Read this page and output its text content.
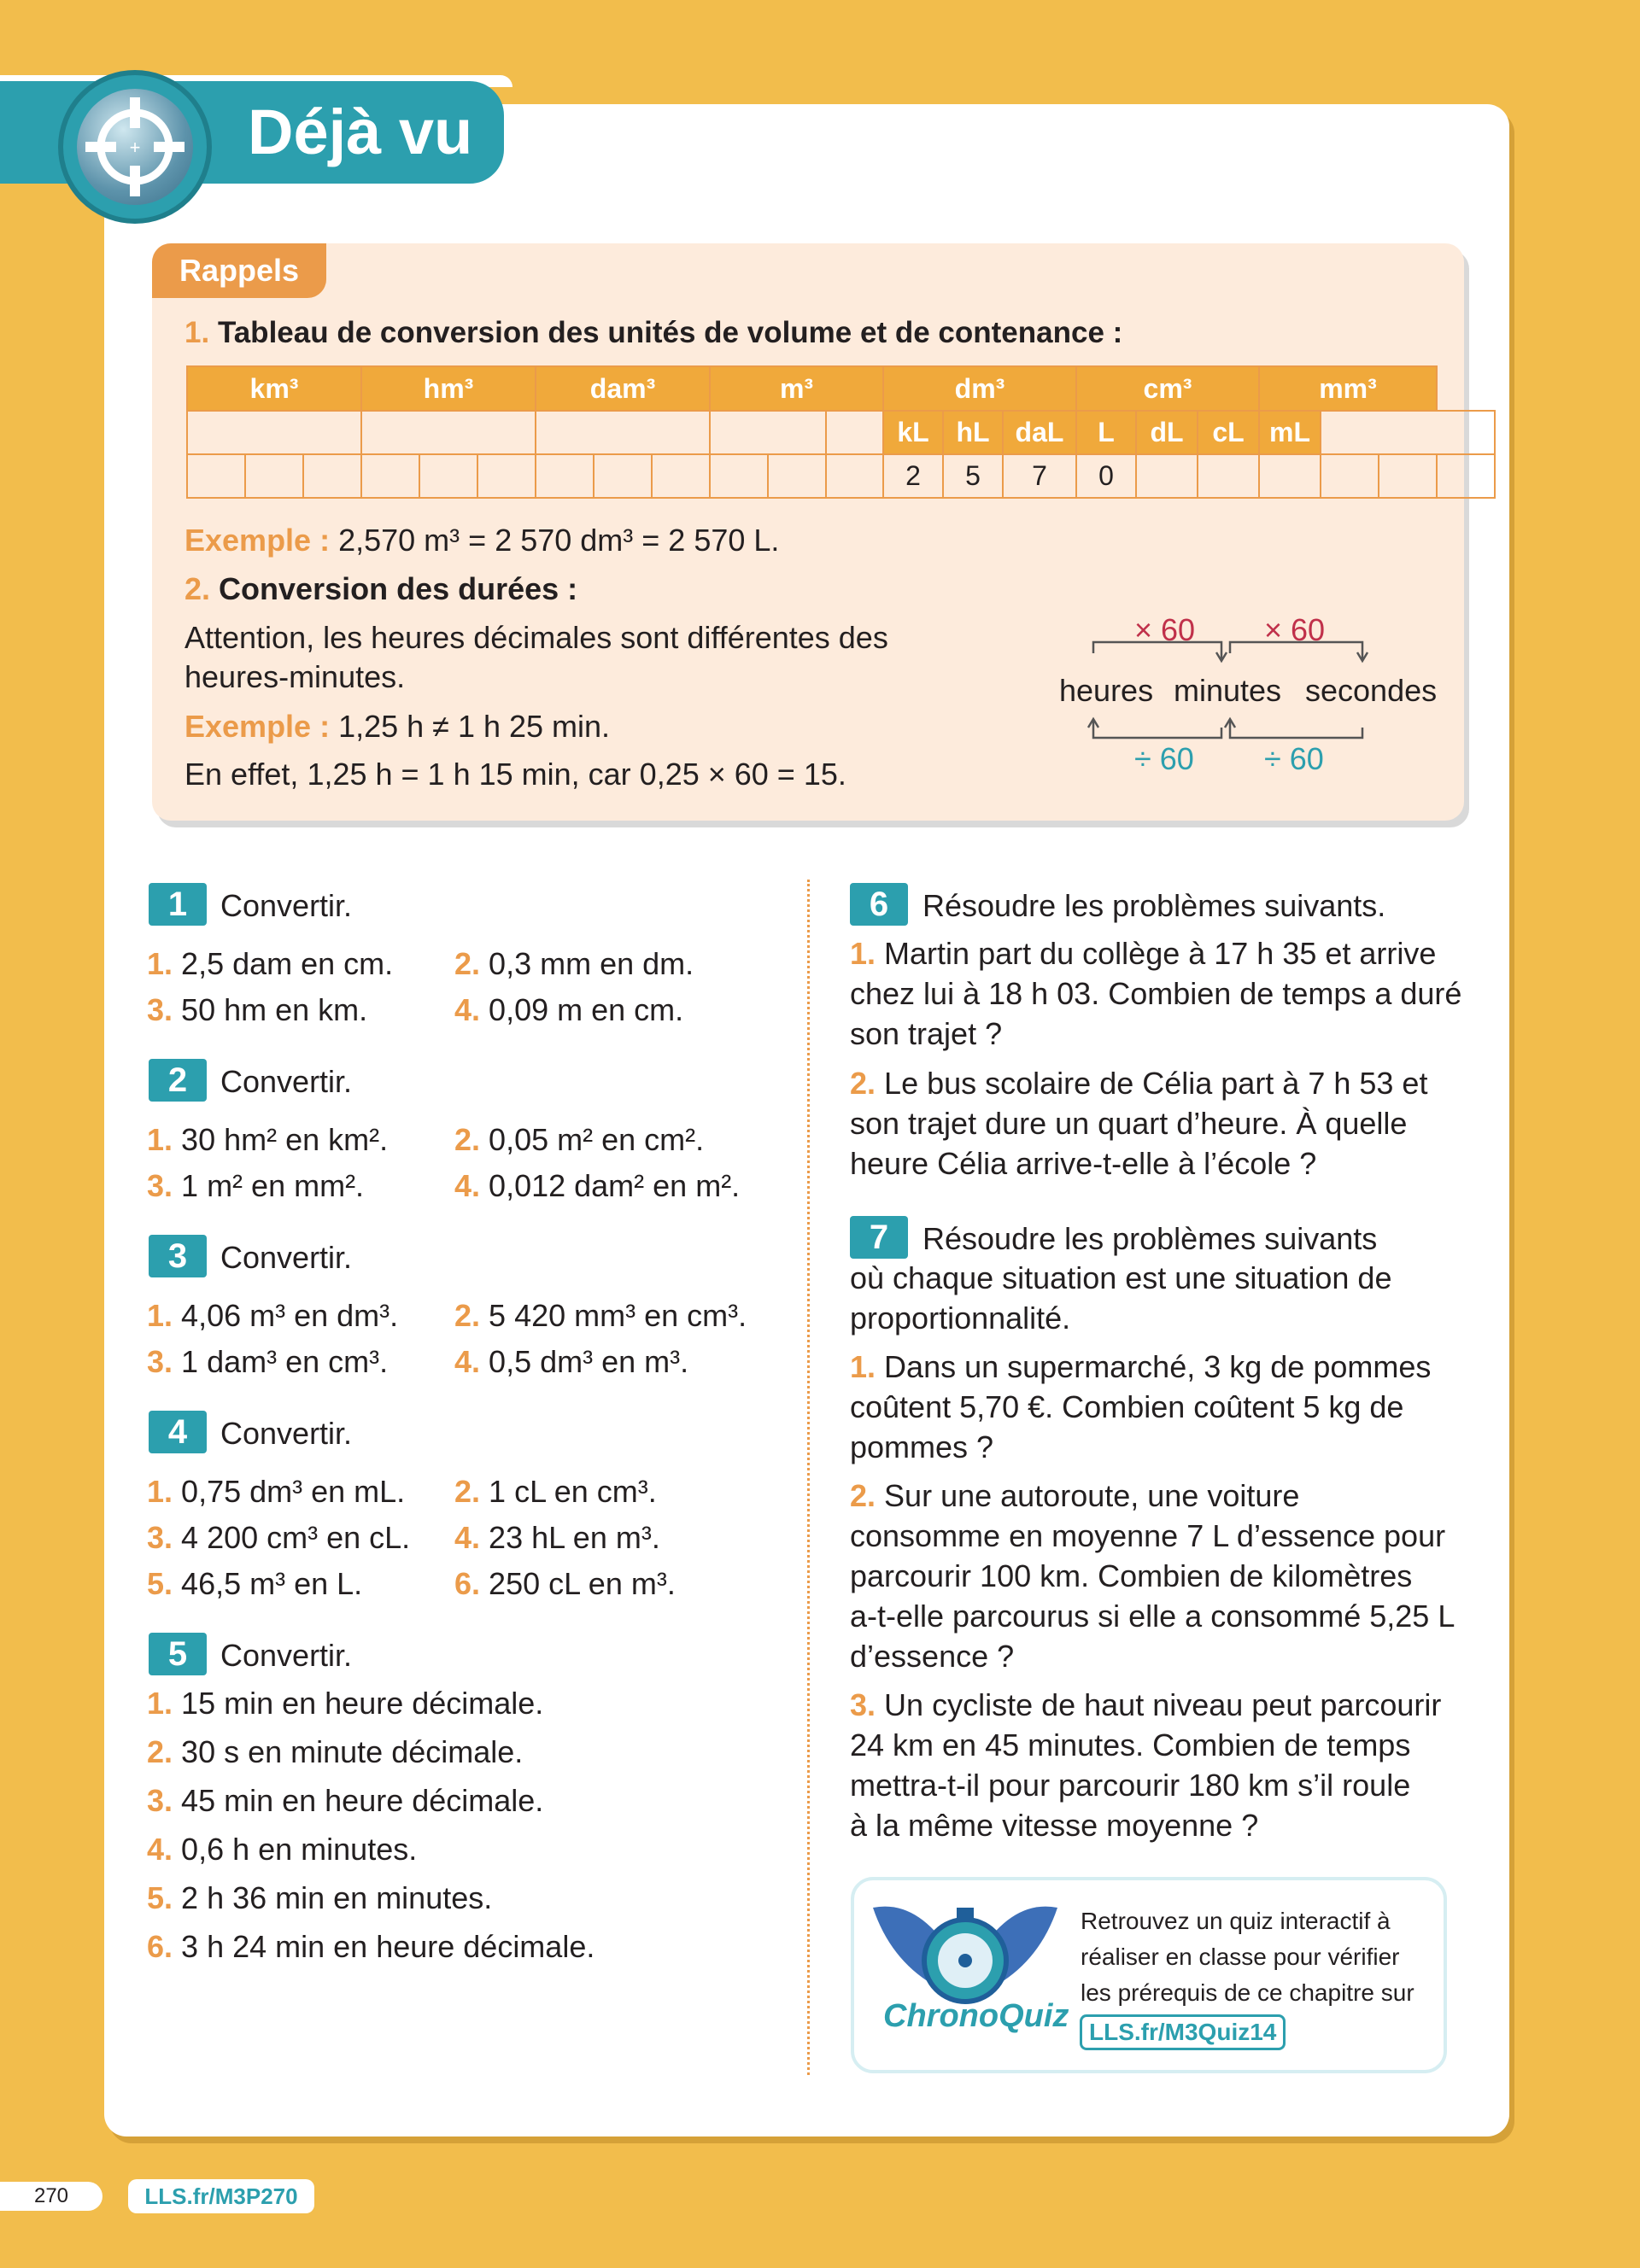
+ Déjà vu
Rappels
1. Tableau de conversion des unités de volume et de contenance :
km³			hm³			dam³			m³			dm³			cm³			mm³			
												kL	hL	daL	L	dL	cL	mL			
												2	5	7	0						
Exemple : 2,570 m³ = 2 570 dm³ = 2 570 L.
2. Conversion des durées :
Attention, les heures décimales sont différentes des
heures-minutes.
Exemple : 1,25 h ≠ 1 h 25 min.
En effet, 1,25 h = 1 h 15 min, car 0,25 × 60 = 15.
× 60 × 60
heures minutes secondes
÷ 60 ÷ 60
1	Convertir.
1. 2,5 dam en cm. 2. 0,3 mm en dm.
3. 50 hm en km.	4. 0,09 m en cm.
2	Convertir.
1. 30 hm² en km². 2. 0,05 m² en cm².
3. 1 m² en mm².	4. 0,012 dam² en m².
3	Convertir.
1. 4,06 m³ en dm³. 2. 5 420 mm³ en cm³.
3. 1 dam³ en cm³. 4. 0,5 dm³ en m³.
4	Convertir.
1. 0,75 dm³ en mL. 2. 1 cL en cm³.
3. 4 200 cm³ en cL. 4. 23 hL en m³.
5. 46,5 m³ en L.	6. 250 cL en m³.
5	Convertir.
1. 15 min en heure décimale.
2. 30 s en minute décimale.
3. 45 min en heure décimale.
4. 0,6 h en minutes.
5. 2 h 36 min en minutes.
6. 3 h 24 min en heure décimale.
6	Résoudre les problèmes suivants.
1. Martin part du collège à 17 h 35 et arrive
chez lui à 18 h 03. Combien de temps a duré
son trajet ?
2. Le bus scolaire de Célia part à 7 h 53 et
son trajet dure un quart d’heure. À quelle
heure Célia arrive-t-elle à l’école ?
7	Résoudre les problèmes suivants
où chaque situation est une situation de
proportionnalité.
1. Dans un supermarché, 3 kg de pommes
coûtent 5,70 €. Combien coûtent 5 kg de
pommes ?
2. Sur une autoroute, une voiture
consomme en moyenne 7 L d’essence pour
parcourir 100 km. Combien de kilomètres
a-t-elle parcourus si elle a consommé 5,25 L
d’essence ?
3. Un cycliste de haut niveau peut parcourir
24 km en 45 minutes. Combien de temps
mettra-t-il pour parcourir 180 km s’il roule
à la même vitesse moyenne ?
ChronoQuiz
Retrouvez un quiz interactif à
réaliser en classe pour vérifier
les prérequis de ce chapitre sur
LLS.fr/M3Quiz14
270	LLS.fr/M3P270
